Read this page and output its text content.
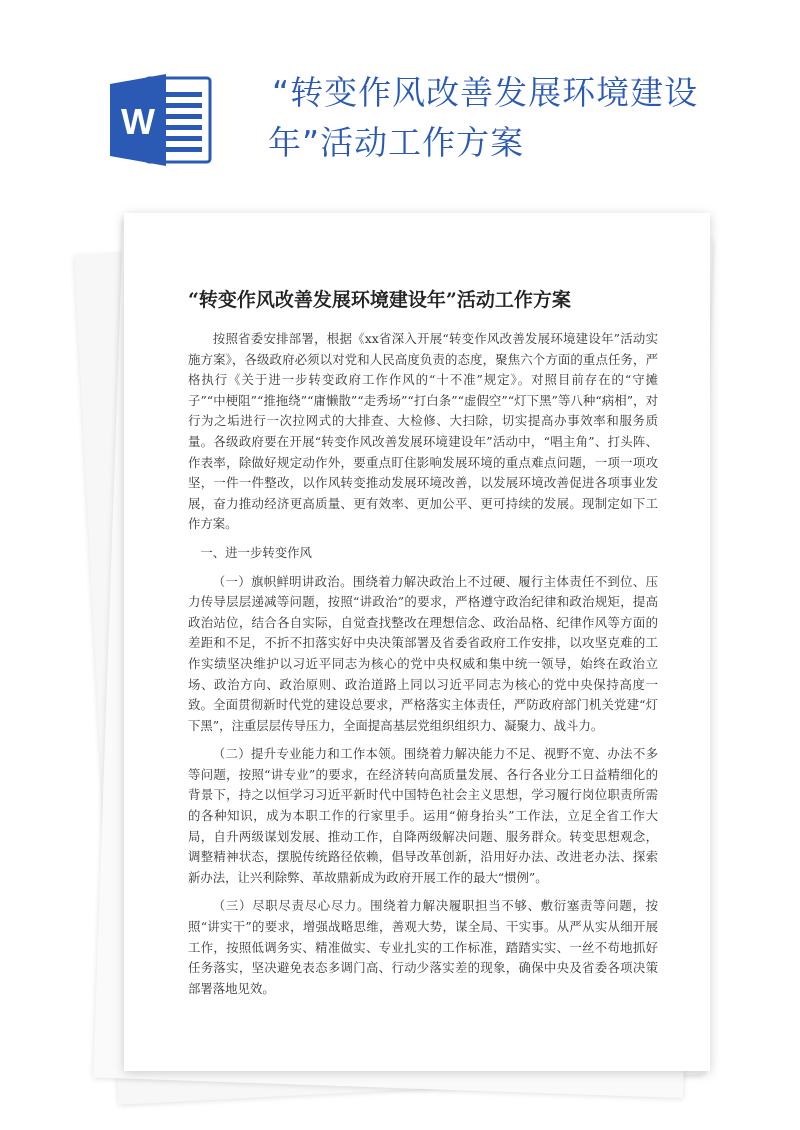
W
“转变作风改善发展环境建设
年”活动工作方案
“转变作风改善发展环境建设年”活动工作方案

按照省委安排部署，根据《xx省深入开展“转变作风改善发展环境建设年”活动实施方案》，各级政府必须以对党和人民高度负责的态度，聚焦六个方面的重点任务，严格执行《关于进一步转变政府工作作风的“十不准”规定》。对照目前存在的“守摊子”“中梗阻”“推拖绕”“庸懒散”“走秀场”“打白条”“虚假空”“灯下黑”等八种“病相”，对行为之垢进行一次拉网式的大排查、大检修、大扫除，切实提高办事效率和服务质量。各级政府要在开展“转变作风改善发展环境建设年”活动中，“唱主角”、打头阵、作表率，除做好规定动作外，要重点盯住影响发展环境的重点难点问题，一项一项攻坚，一件一件整改，以作风转变推动发展环境改善，以发展环境改善促进各项事业发展，奋力推动经济更高质量、更有效率、更加公平、更可持续的发展。现制定如下工作方案。

一、进一步转变作风

（一）旗帜鲜明讲政治。围绕着力解决政治上不过硬、履行主体责任不到位、压力传导层层递减等问题，按照“讲政治”的要求，严格遵守政治纪律和政治规矩，提高政治站位，结合各自实际，自觉查找整改在理想信念、政治品格、纪律作风等方面的差距和不足，不折不扣落实好中央决策部署及省委省政府工作安排，以攻坚克难的工作实绩坚决维护以习近平同志为核心的党中央权威和集中统一领导，始终在政治立场、政治方向、政治原则、政治道路上同以习近平同志为核心的党中央保持高度一致。全面贯彻新时代党的建设总要求，严格落实主体责任，严防政府部门机关党建“灯下黑”，注重层层传导压力，全面提高基层党组织组织力、凝聚力、战斗力。

（二）提升专业能力和工作本领。围绕着力解决能力不足、视野不宽、办法不多等问题，按照“讲专业”的要求，在经济转向高质量发展、各行各业分工日益精细化的背景下，持之以恒学习习近平新时代中国特色社会主义思想，学习履行岗位职责所需的各种知识，成为本职工作的行家里手。运用“俯身抬头”工作法，立足全省工作大局，自升两级谋划发展、推动工作，自降两级解决问题、服务群众。转变思想观念，调整精神状态，摆脱传统路径依赖，倡导改革创新，沿用好办法、改进老办法、探索新办法，让兴利除弊、革故鼎新成为政府开展工作的最大“惯例”。

（三）尽职尽责尽心尽力。围绕着力解决履职担当不够、敷衍塞责等问题，按照“讲实干”的要求，增强战略思维，善观大势，谋全局、干实事。从严从实从细开展工作，按照低调务实、精准做实、专业扎实的工作标准，踏踏实实、一丝不苟地抓好任务落实，坚决避免表态多调门高、行动少落实差的现象，确保中央及省委各项决策部署落地见效。
